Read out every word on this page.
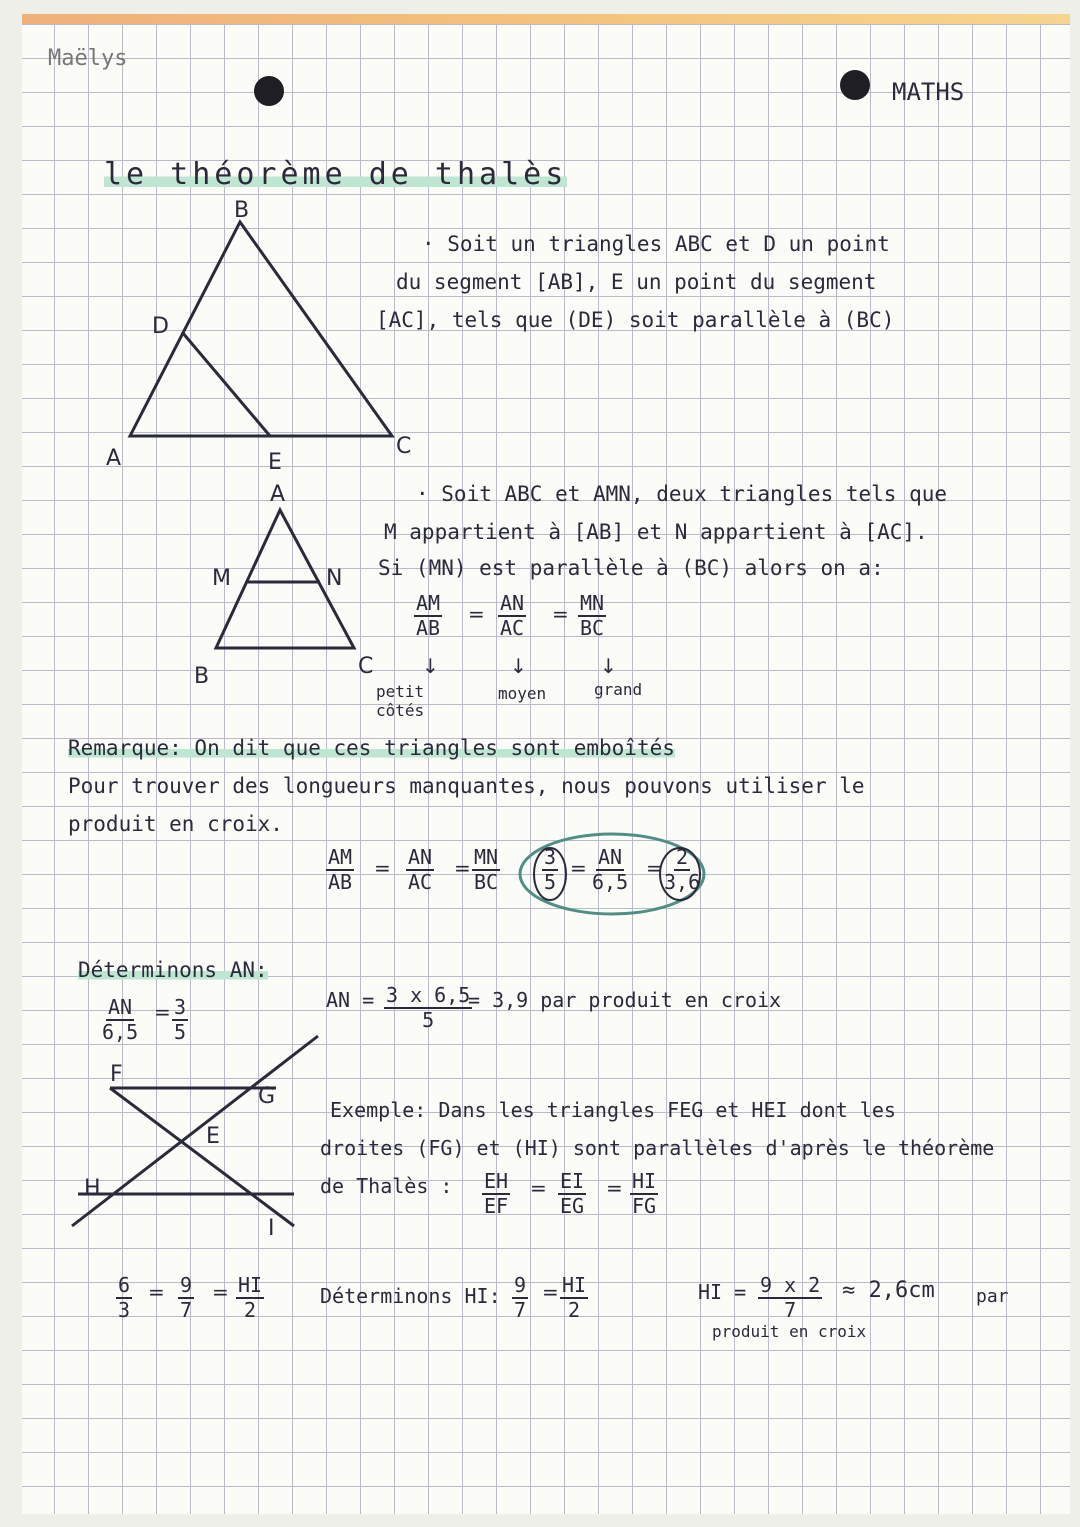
Maëlys
MATHS
le théorème de thalès
B
D
A	E
C
· Soit un triangles ABC et D un point
du segment [AB], E un point du segment
[AC], tels que (DE) soit parallèle à (BC)
A
M	N
B	C
· Soit ABC et AMN, deux triangles tels que
M appartient à [AB] et N appartient à [AC].
Si (MN) est parallèle à (BC) alors on a:
$\frac{AM}{AB} = \frac{AN}{AC} = \frac{MN}{BC}$
↓	↓	↓
petit côtés
moyen	grand
Remarque: On dit que ces triangles sont emboîtés
Pour trouver des longueurs manquantes, nous pouvons utiliser le
produit en croix.
$\frac{AM}{AB} = \frac{AN}{AC} = \frac{MN}{BC} \frac{3}{5} = \frac{AN}{6,5} = \frac{2}{3,6}$
Déterminons AN:
$\frac{AN}{6,5} = \frac{3}{5}$	AN = $\frac{3 x 6,5}{5}$
= 3,9 par produit en croix
F
G
E
H
I
Exemple: Dans les triangles FEG et HEI dont les
droites (FG) et (HI) sont parallèles d'après le théorème
de Thalès : $\frac{EH}{EF} = \frac{EI}{EG} = \frac{HI}{FG}$
$\frac{6}{3} = \frac{9}{7} = \frac{HI}{2}$	Déterminons HI: $\frac{9}{7} = \frac{HI}{2}$	HI = $\frac{9 x 2}{7} \approx 2,6cm$ par
produit en croix
